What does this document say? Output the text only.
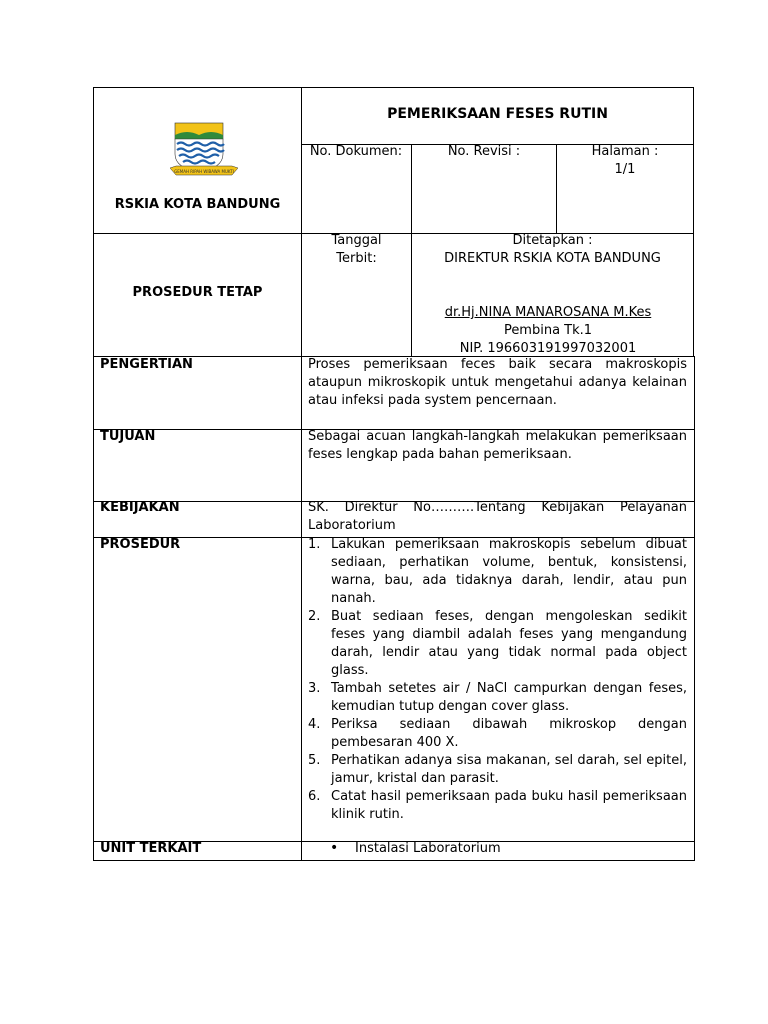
GEMAH RIPAH WIBAWA MUKTI
RSKIA KOTA BANDUNG
PEMERIKSAAN FESES RUTIN
No. Dokumen:	No. Revisi :	Halaman :
1/1
PROSEDUR TETAP
Tanggal
Terbit:
Ditetapkan :
DIREKTUR RSKIA KOTA BANDUNG
dr.Hj.NINA MANAROSANA M.Kes
Pembina Tk.1
NIP. 196603191997032001
PENGERTIAN	Proses pemeriksaan feces baik secara makroskopis ataupun mikroskopik untuk mengetahui adanya kelainan atau infeksi pada system pencernaan.
TUJUAN	Sebagai acuan langkah-langkah melakukan pemeriksaan feses lengkap pada bahan pemeriksaan.
KEBIJAKAN	SK. Direktur No……….Tentang Kebijakan Pelayanan Laboratorium
PROSEDUR	1. Lakukan pemeriksaan makroskopis sebelum dibuat sediaan, perhatikan volume, bentuk, konsistensi, warna, bau, ada tidaknya darah, lendir, atau pun nanah.
2. Buat sediaan feses, dengan mengoleskan sedikit feses yang diambil adalah feses yang mengandung darah, lendir atau yang tidak normal pada object glass.
3. Tambah setetes air / NaCl campurkan dengan feses, kemudian tutup dengan cover glass.
4. Periksa sediaan dibawah mikroskop dengan pembesaran 400 X.
5. Perhatikan adanya sisa makanan, sel darah, sel epitel, jamur, kristal dan parasit.
6. Catat hasil pemeriksaan pada buku hasil pemeriksaan klinik rutin.
UNIT TERKAIT	• Instalasi Laboratorium
